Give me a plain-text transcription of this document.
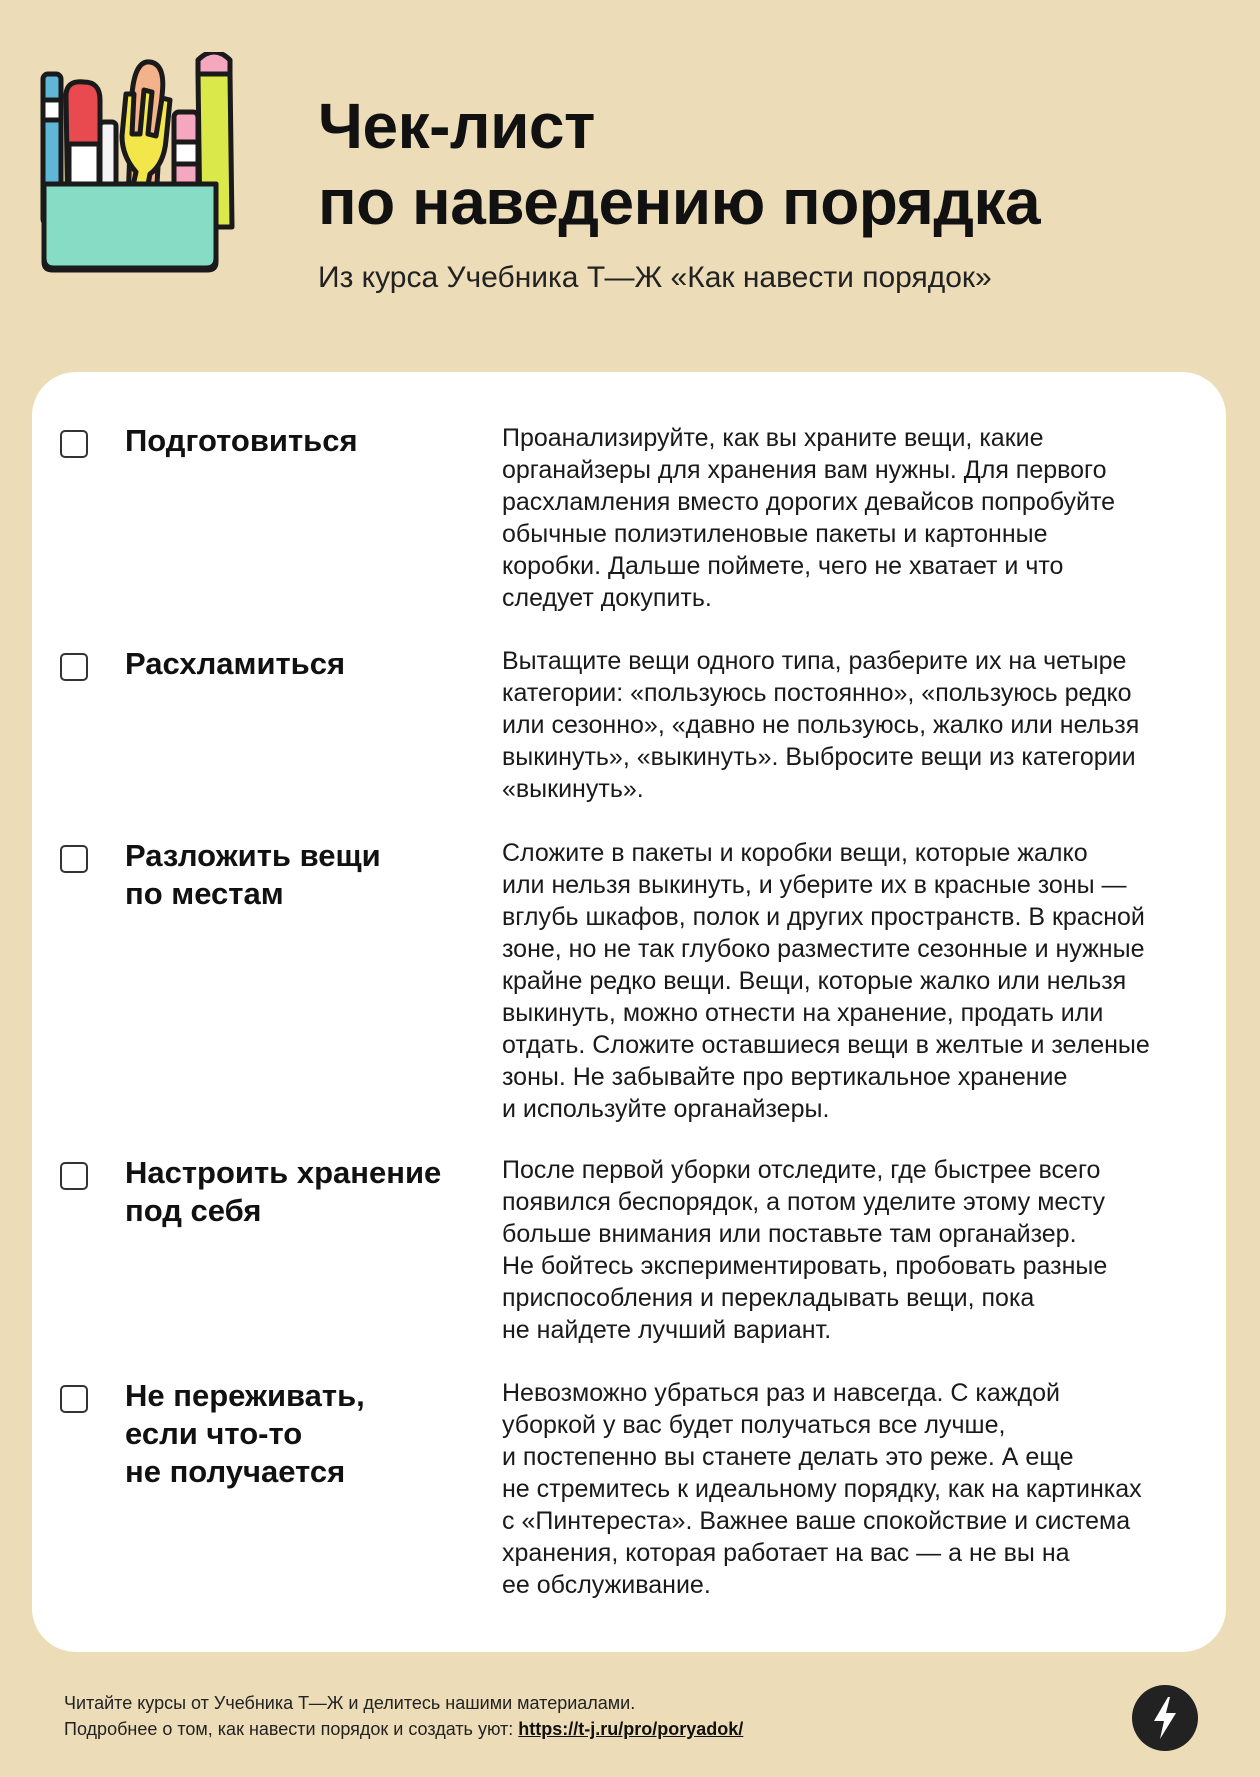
Чек-лист
по наведению порядка

Из курса Учебника Т—Ж «Как навести порядок»

Подготовиться	Проанализируйте, как вы храните вещи, какие
органайзеры для хранения вам нужны. Для первого
расхламления вместо дорогих девайсов попробуйте
обычные полиэтиленовые пакеты и картонные
коробки. Дальше поймете, чего не хватает и что
следует докупить.

Расхламиться	Вытащите вещи одного типа, разберите их на четыре
категории: «пользуюсь постоянно», «пользуюсь редко
или сезонно», «давно не пользуюсь, жалко или нельзя
выкинуть», «выкинуть». Выбросите вещи из категории
«выкинуть».

Разложить вещи
по местам

Сложите в пакеты и коробки вещи, которые жалко
или нельзя выкинуть, и уберите их в красные зоны —
вглубь шкафов, полок и других пространств. В красной
зоне, но не так глубоко разместите сезонные и нужные
крайне редко вещи. Вещи, которые жалко или нельзя
выкинуть, можно отнести на хранение, продать или
отдать. Сложите оставшиеся вещи в желтые и зеленые
зоны. Не забывайте про вертикальное хранение
и используйте органайзеры.

Настроить хранение
под себя

После первой уборки отследите, где быстрее всего
появился беспорядок, а потом уделите этому месту
больше внимания или поставьте там органайзер.
Не бойтесь экспериментировать, пробовать разные
приспособления и перекладывать вещи, пока
не найдете лучший вариант.

Не переживать,
если что-то
не получается

Невозможно убраться раз и навсегда. С каждой
уборкой у вас будет получаться все лучше,
и постепенно вы станете делать это реже. А еще
не стремитесь к идеальному порядку, как на картинках
с «Пинтереста». Важнее ваше спокойствие и система
хранения, которая работает на вас — а не вы на
ее обслуживание.

Читайте курсы от Учебника Т—Ж и делитесь нашими материалами.
Подробнее о том, как навести порядок и создать уют: https://t-j.ru/pro/poryadok/
